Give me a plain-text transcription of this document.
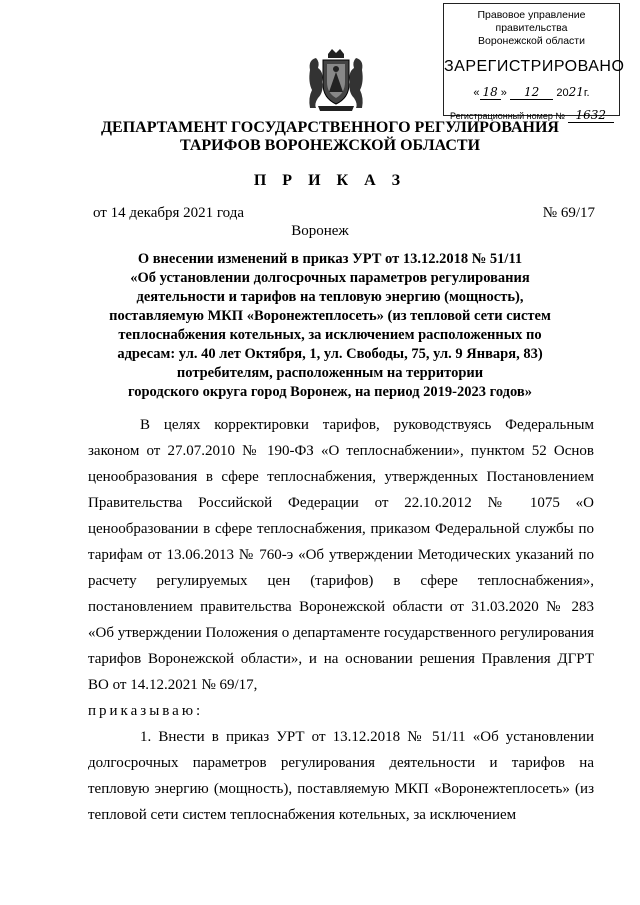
Правовое управление правительства
Воронежской области
ЗАРЕГИСТРИРОВАНО
« 18 » 12 2021г.
Регистрационный номер № 1632
ДЕПАРТАМЕНТ ГОСУДАРСТВЕННОГО РЕГУЛИРОВАНИЯ
ТАРИФОВ ВОРОНЕЖСКОЙ ОБЛАСТИ
П Р И К А З
от 14 декабря 2021 года	№ 69/17
Воронеж
О внесении изменений в приказ УРТ от 13.12.2018 № 51/11
«Об установлении долгосрочных параметров регулирования
деятельности и тарифов на тепловую энергию (мощность),
поставляемую МКП «Воронежтеплосеть» (из тепловой сети систем
теплоснабжения котельных, за исключением расположенных по
адресам: ул. 40 лет Октября, 1, ул. Свободы, 75, ул. 9 Января, 83)
потребителям, расположенным на территории
городского округа город Воронеж, на период 2019-2023 годов»

В целях корректировки тарифов, руководствуясь Федеральным законом от 27.07.2010 № 190-ФЗ «О теплоснабжении», пунктом 52 Основ ценообразования в сфере теплоснабжения, утвержденных Постановлением Правительства Российской Федерации от 22.10.2012 № 1075 «О ценообразовании в сфере теплоснабжения, приказом Федеральной службы по тарифам от 13.06.2013 № 760-э «Об утверждении Методических указаний по расчету регулируемых цен (тарифов) в сфере теплоснабжения», постановлением правительства Воронежской области от 31.03.2020 № 283 «Об утверждении Положения о департаменте государственного регулирования тарифов Воронежской области», и на основании решения Правления ДГРТ ВО от 14.12.2021 № 69/17,

приказываю:

1. Внести в приказ УРТ от 13.12.2018 № 51/11 «Об установлении долгосрочных параметров регулирования деятельности и тарифов на тепловую энергию (мощность), поставляемую МКП «Воронежтеплосеть» (из тепловой сети систем теплоснабжения котельных, за исключением
